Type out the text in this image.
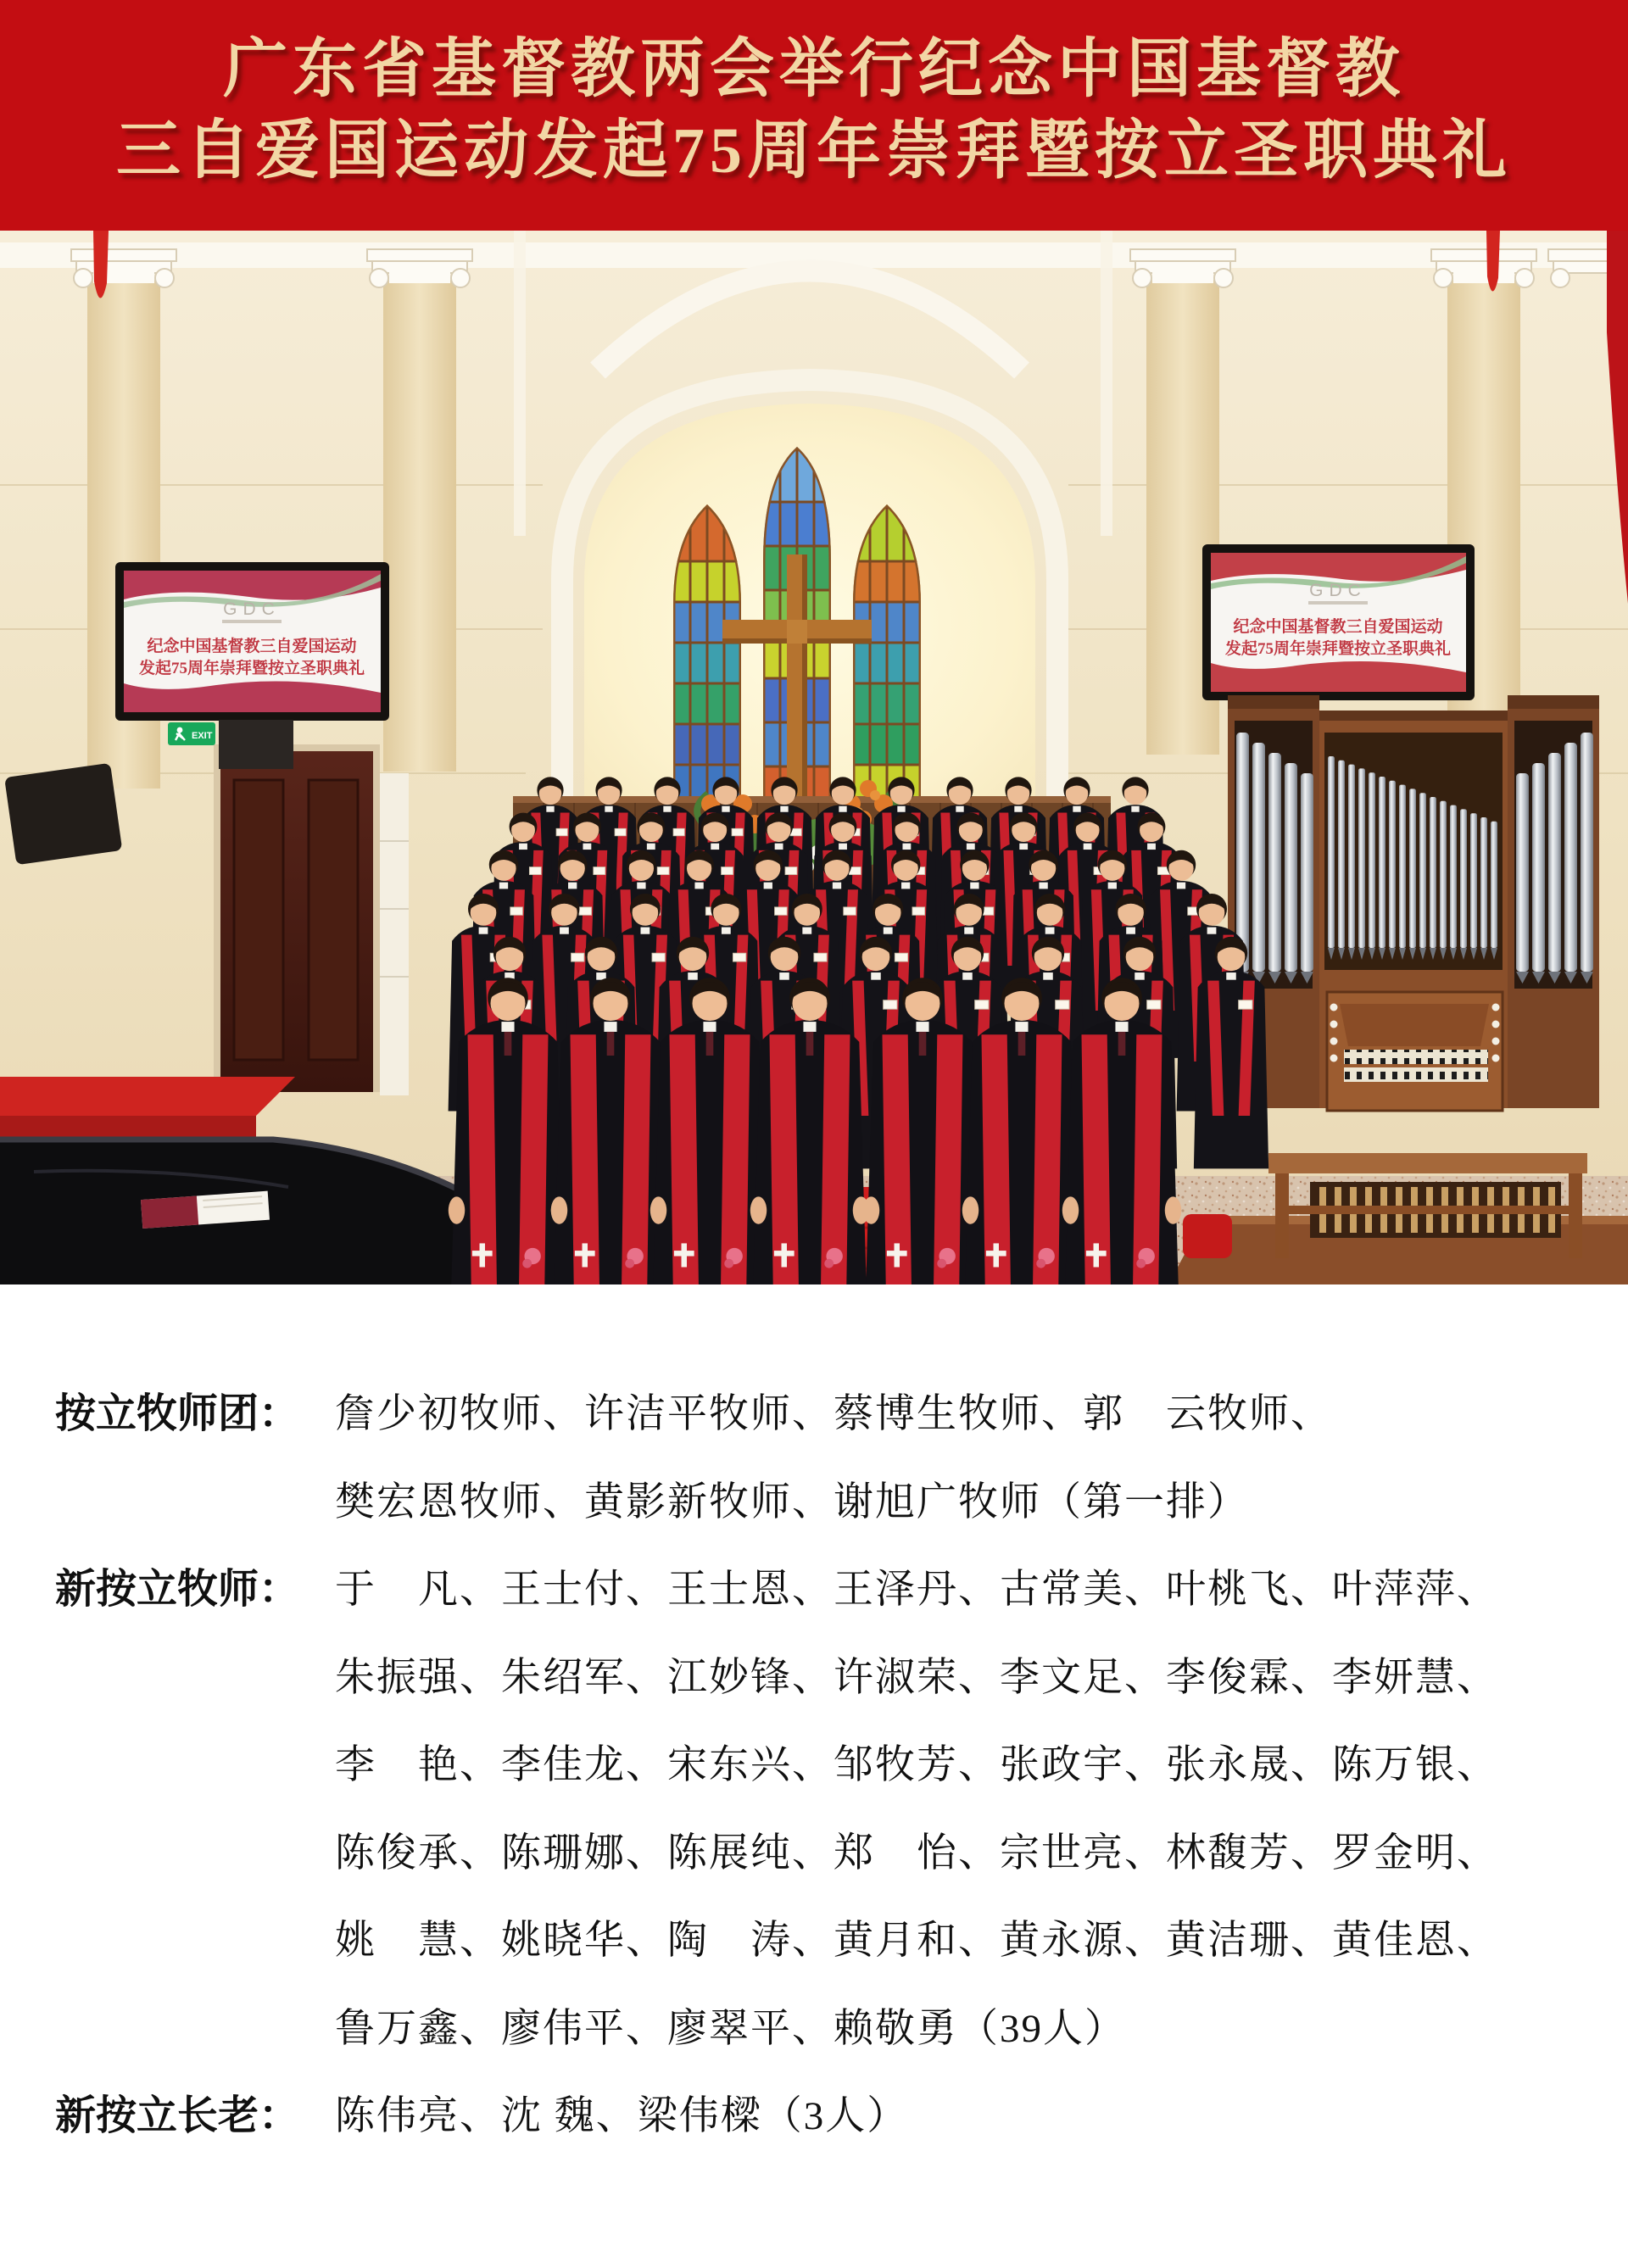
广东省基督教两会举行纪念中国基督教
三自爱国运动发起75周年崇拜暨按立圣职典礼
GDC
纪念中国基督教三自爱国运动
发起75周年崇拜暨按立圣职典礼
EXIT
GDC
纪念中国基督教三自爱国运动
发起75周年崇拜暨按立圣职典礼
按立牧师团： 詹少初牧师、许洁平牧师、蔡博生牧师、郭　云牧师、
樊宏恩牧师、黄影新牧师、谢旭广牧师（第一排）
新按立牧师： 于　凡、王士付、王士恩、王泽丹、古常美、叶桃飞、叶萍萍、
朱振强、朱绍军、江妙锋、许淑荣、李文足、李俊霖、李妍慧、
李　艳、李佳龙、宋东兴、邹牧芳、张政宇、张永晟、陈万银、
陈俊承、陈珊娜、陈展纯、郑　怡、宗世亮、林馥芳、罗金明、
姚　慧、姚晓华、陶　涛、黄月和、黄永源、黄洁珊、黄佳恩、
鲁万鑫、廖伟平、廖翠平、赖敬勇（39人）
新按立长老： 陈伟亮、沈 魏、梁伟樑（3人）
